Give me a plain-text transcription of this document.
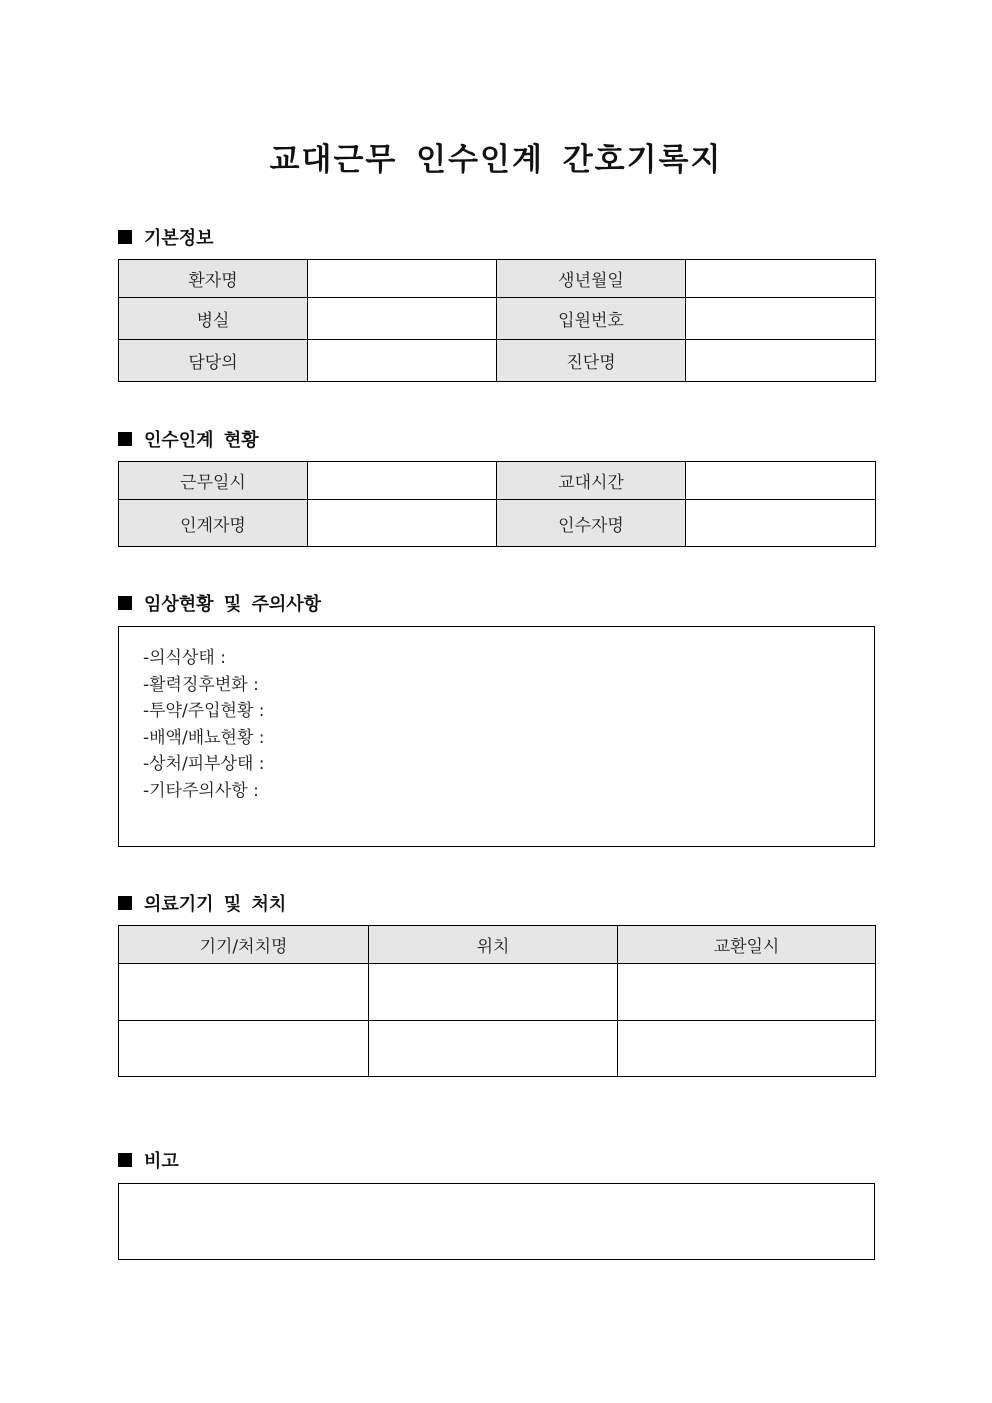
교대근무 인수인계 간호기록지
기본정보
환자명		생년월일	
병실		입원번호	
담당의		진단명	
인수인계 현황
근무일시		교대시간	
인계자명		인수자명	
임상현황 및 주의사항
-의식상태 :
-활력징후변화 :
-투약/주입현황 :
-배액/배뇨현황 :
-상처/피부상태 :
-기타주의사항 :
의료기기 및 처치
기기/처치명	위치	교환일시

비고
